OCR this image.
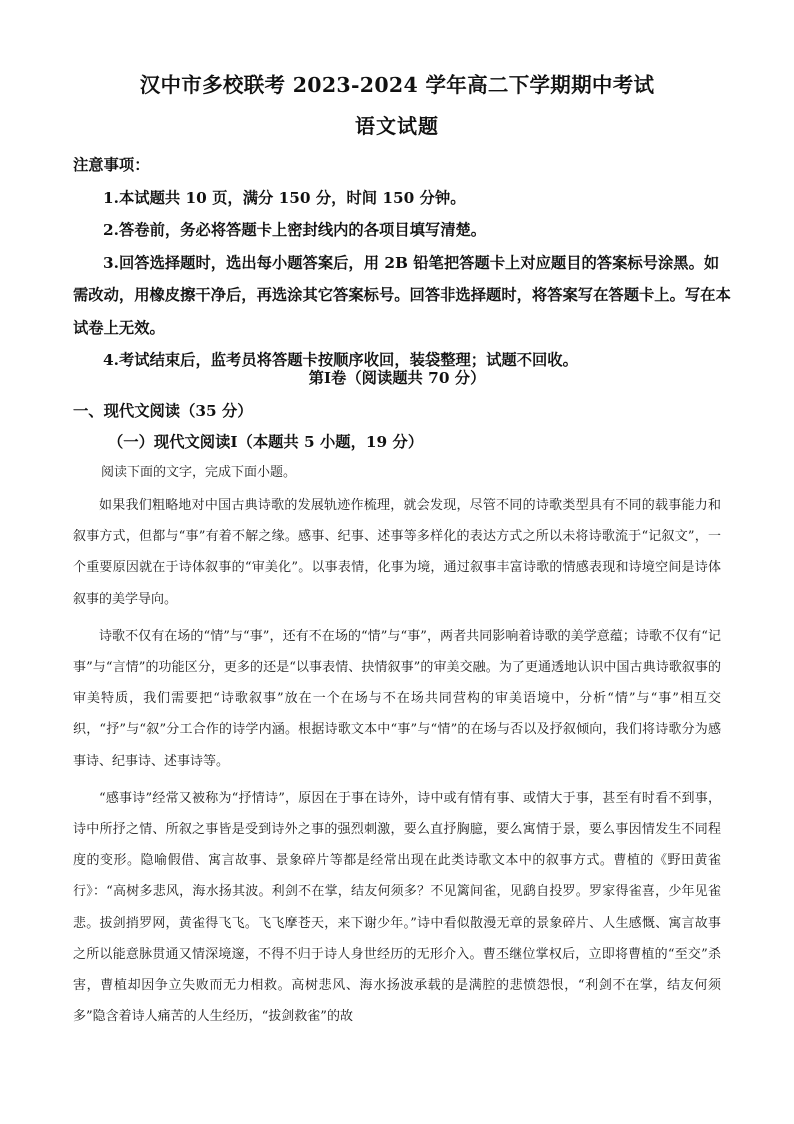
汉中市多校联考 2023-2024 学年高二下学期期中考试
语文试题

注意事项：

1.本试题共 10 页，满分 150 分，时间 150 分钟。

2.答卷前，务必将答题卡上密封线内的各项目填写清楚。

3.回答选择题时，选出每小题答案后，用 2B 铅笔把答题卡上对应题目的答案标号涂黑。如需改动，用橡皮擦干净后，再选涂其它答案标号。回答非选择题时，将答案写在答题卡上。写在本试卷上无效。

4.考试结束后，监考员将答题卡按顺序收回，装袋整理；试题不回收。

第Ⅰ卷（阅读题共 70 分）
一、现代文阅读（35 分）
（一）现代文阅读Ⅰ（本题共 5 小题，19 分）
阅读下面的文字，完成下面小题。

如果我们粗略地对中国古典诗歌的发展轨迹作梳理，就会发现，尽管不同的诗歌类型具有不同的载事能力和叙事方式，但都与“事”有着不解之缘。感事、纪事、述事等多样化的表达方式之所以未将诗歌流于“记叙文”，一个重要原因就在于诗体叙事的“审美化”。以事表情，化事为境，通过叙事丰富诗歌的情感表现和诗境空间是诗体叙事的美学导向。

诗歌不仅有在场的“情”与“事”，还有不在场的“情”与“事”，两者共同影响着诗歌的美学意蕴；诗歌不仅有“记事”与“言情”的功能区分，更多的还是“以事表情、抉情叙事”的审美交融。为了更通透地认识中国古典诗歌叙事的审美特质，我们需要把“诗歌叙事”放在一个在场与不在场共同营构的审美语境中，分析“情”与“事”相互交织，“抒”与“叙”分工合作的诗学内涵。根据诗歌文本中“事”与“情”的在场与否以及抒叙倾向，我们将诗歌分为感事诗、纪事诗、述事诗等。

“感事诗”经常又被称为“抒情诗”，原因在于事在诗外，诗中或有情有事、或情大于事，甚至有时看不到事，诗中所抒之情、所叙之事皆是受到诗外之事的强烈刺激，要么直抒胸臆，要么寓情于景，要么事因情发生不同程度的变形。隐喻假借、寓言故事、景象碎片等都是经常出现在此类诗歌文本中的叙事方式。曹植的《野田黄雀行》：“高树多悲风，海水扬其波。利剑不在掌，结友何须多？不见篱间雀，见鹞自投罗。罗家得雀喜，少年见雀悲。拔剑捎罗网，黄雀得飞飞。飞飞摩苍天，来下谢少年。”诗中看似散漫无章的景象碎片、人生感慨、寓言故事之所以能意脉贯通又情深境邃，不得不归于诗人身世经历的无形介入。曹丕继位掌权后，立即将曹植的“至交”杀害，曹植却因争立失败而无力相救。高树悲风、海水扬波承载的是满腔的悲愤怨恨，“利剑不在掌，结友何须多”隐含着诗人痛苦的人生经历，“拔剑救雀”的故
